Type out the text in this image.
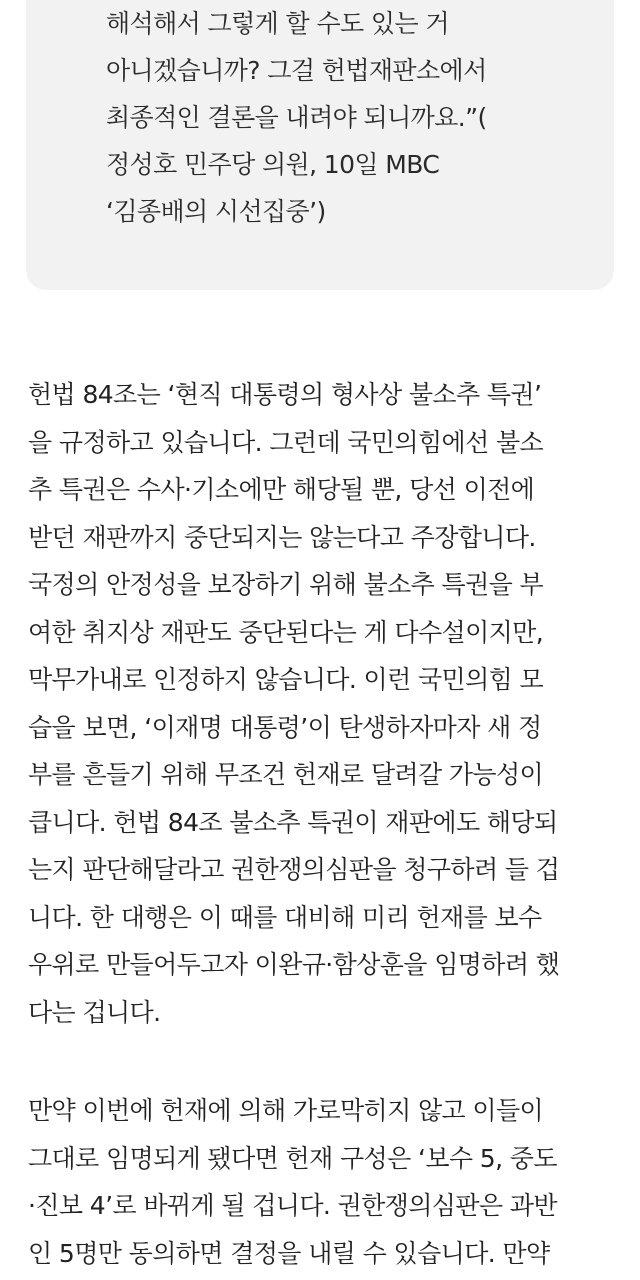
해석해서 그렇게 할 수도 있는 거
아니겠습니까? 그걸 헌법재판소에서
최종적인 결론을 내려야 되니까요.”(
정성호 민주당 의원, 10일 MBC
‘김종배의 시선집중’)
헌법 84조는 ‘현직 대통령의 형사상 불소추 특권’
을 규정하고 있습니다. 그런데 국민의힘에선 불소
추 특권은 수사·기소에만 해당될 뿐, 당선 이전에
받던 재판까지 중단되지는 않는다고 주장합니다.
국정의 안정성을 보장하기 위해 불소추 특권을 부
여한 취지상 재판도 중단된다는 게 다수설이지만,
막무가내로 인정하지 않습니다. 이런 국민의힘 모
습을 보면, ‘이재명 대통령’이 탄생하자마자 새 정
부를 흔들기 위해 무조건 헌재로 달려갈 가능성이
큽니다. 헌법 84조 불소추 특권이 재판에도 해당되
는지 판단해달라고 권한쟁의심판을 청구하려 들 겁
니다. 한 대행은 이 때를 대비해 미리 헌재를 보수
우위로 만들어두고자 이완규·함상훈을 임명하려 했
다는 겁니다.
만약 이번에 헌재에 의해 가로막히지 않고 이들이
그대로 임명되게 됐다면 헌재 구성은 ‘보수 5, 중도
·진보 4’로 바뀌게 될 겁니다. 권한쟁의심판은 과반
인 5명만 동의하면 결정을 내릴 수 있습니다. 만약
